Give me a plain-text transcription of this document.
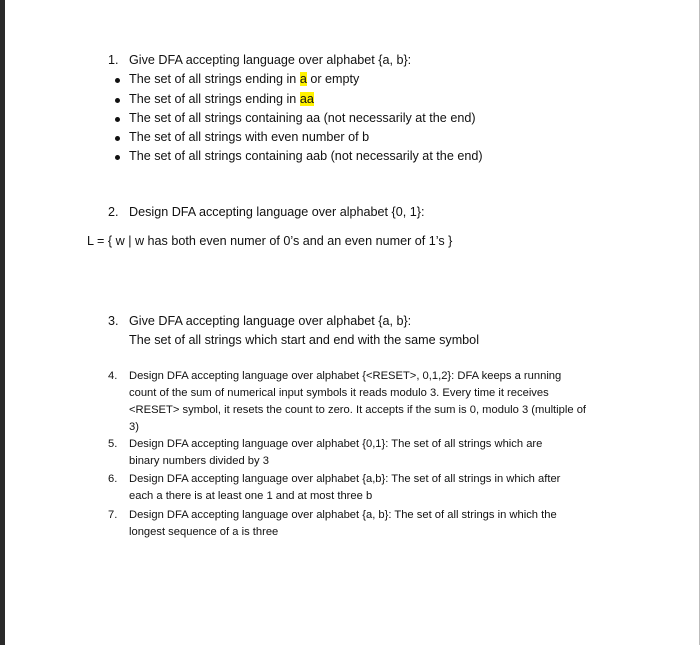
1. Give DFA accepting language over alphabet {a, b}:
The set of all strings ending in a or empty
The set of all strings ending in aa
The set of all strings containing aa (not necessarily at the end)
The set of all strings with even number of b
The set of all strings containing aab (not necessarily at the end)
2. Design DFA accepting language over alphabet {0, 1}:
L = { w | w has both even numer of 0’s and an even numer of 1’s }
3. Give DFA accepting language over alphabet {a, b}:
The set of all strings which start and end with the same symbol
4. Design DFA accepting language over alphabet {<RESET>, 0,1,2}: DFA keeps a running
count of the sum of numerical input symbols it reads modulo 3. Every time it receives
<RESET> symbol, it resets the count to zero. It accepts if the sum is 0, modulo 3 (multiple of
3)
5. Design DFA accepting language over alphabet {0,1}: The set of all strings which are
binary numbers divided by 3
6. Design DFA accepting language over alphabet {a,b}: The set of all strings in which after
each a there is at least one 1 and at most three b
7. Design DFA accepting language over alphabet {a, b}: The set of all strings in which the
longest sequence of a is three
